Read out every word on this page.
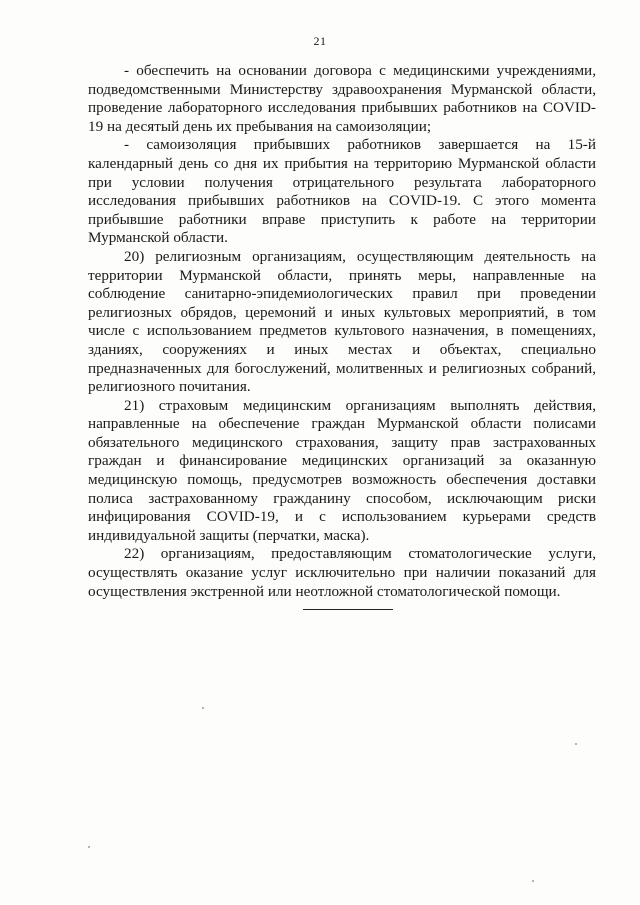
21

- обеспечить на основании договора с медицинскими учреждениями, подведомственными Министерству здравоохранения Мурманской области, проведение лабораторного исследования прибывших работников на COVID-19 на десятый день их пребывания на самоизоляции;

- самоизоляция прибывших работников завершается на 15-й календарный день со дня их прибытия на территорию Мурманской области при условии получения отрицательного результата лабораторного исследования прибывших работников на COVID-19. С этого момента прибывшие работники вправе приступить к работе на территории Мурманской области.

20) религиозным организациям, осуществляющим деятельность на территории Мурманской области, принять меры, направленные на соблюдение санитарно-эпидемиологических правил при проведении религиозных обрядов, церемоний и иных культовых мероприятий, в том числе с использованием предметов культового назначения, в помещениях, зданиях, сооружениях и иных местах и объектах, специально предназначенных для богослужений, молитвенных и религиозных собраний, религиозного почитания.

21) страховым медицинским организациям выполнять действия, направленные на обеспечение граждан Мурманской области полисами обязательного медицинского страхования, защиту прав застрахованных граждан и финансирование медицинских организаций за оказанную медицинскую помощь, предусмотрев возможность обеспечения доставки полиса застрахованному гражданину способом, исключающим риски инфицирования COVID-19, и с использованием курьерами средств индивидуальной защиты (перчатки, маска).

22) организациям, предоставляющим стоматологические услуги, осуществлять оказание услуг исключительно при наличии показаний для осуществления экстренной или неотложной стоматологической помощи.
